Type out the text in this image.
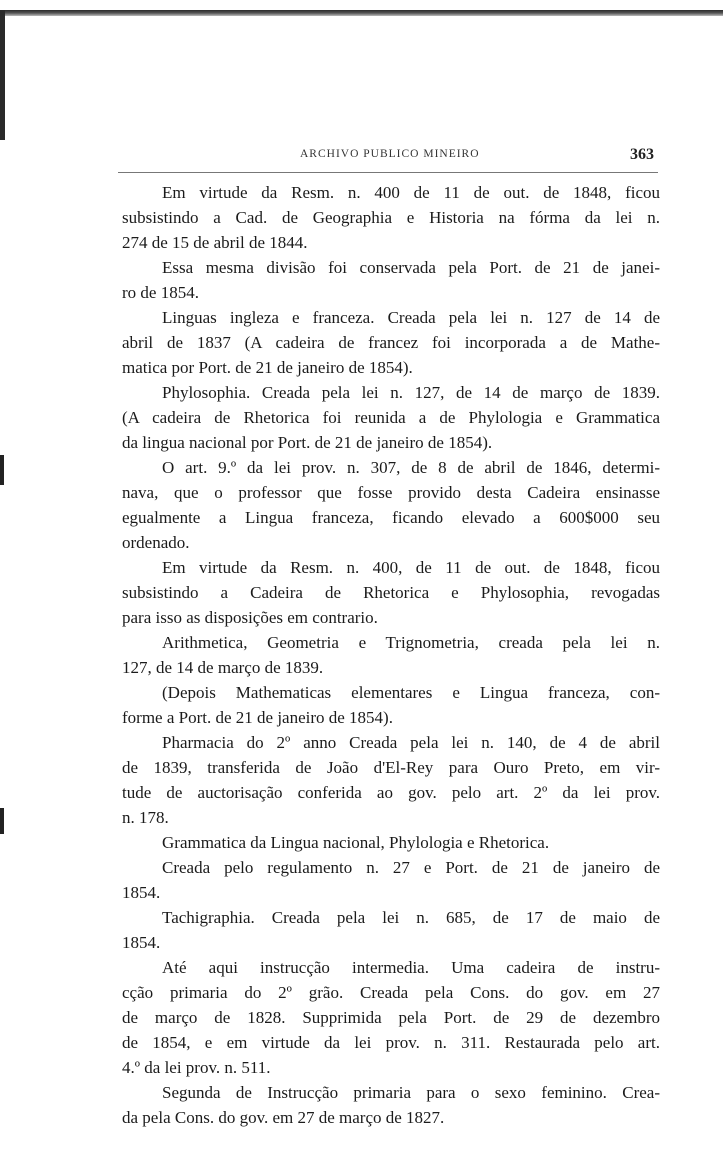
ARCHIVO PUBLICO MINEIRO	363
Em virtude da Resm. n. 400 de 11 de out. de 1848, ficou
subsistindo a Cad. de Geographia e Historia na fórma da lei n.
274 de 15 de abril de 1844.
Essa mesma divisão foi conservada pela Port. de 21 de janei-
ro de 1854.
Linguas ingleza e franceza. Creada pela lei n. 127 de 14 de
abril de 1837 (A cadeira de francez foi incorporada a de Mathe-
matica por Port. de 21 de janeiro de 1854).
Phylosophia. Creada pela lei n. 127, de 14 de março de 1839.
(A cadeira de Rhetorica foi reunida a de Phylologia e Grammatica
da lingua nacional por Port. de 21 de janeiro de 1854).
O art. 9.º da lei prov. n. 307, de 8 de abril de 1846, determi-
nava, que o professor que fosse provido desta Cadeira ensinasse
egualmente a Lingua franceza, ficando elevado a 600$000 seu
ordenado.
Em virtude da Resm. n. 400, de 11 de out. de 1848, ficou
subsistindo a Cadeira de Rhetorica e Phylosophia, revogadas
para isso as disposições em contrario.
Arithmetica, Geometria e Trignometria, creada pela lei n.
127, de 14 de março de 1839.
(Depois Mathematicas elementares e Lingua franceza, con-
forme a Port. de 21 de janeiro de 1854).
Pharmacia do 2º anno Creada pela lei n. 140, de 4 de abril
de 1839, transferida de João d'El-Rey para Ouro Preto, em vir-
tude de auctorisação conferida ao gov. pelo art. 2º da lei prov.
n. 178.
Grammatica da Lingua nacional, Phylologia e Rhetorica.
Creada pelo regulamento n. 27 e Port. de 21 de janeiro de
1854.
Tachigraphia. Creada pela lei n. 685, de 17 de maio de
1854.
Até aqui instrucção intermedia. Uma cadeira de instru-
cção primaria do 2º grão. Creada pela Cons. do gov. em 27
de março de 1828. Supprimida pela Port. de 29 de dezembro
de 1854, e em virtude da lei prov. n. 311. Restaurada pelo art.
4.º da lei prov. n. 511.
Segunda de Instrucção primaria para o sexo feminino. Crea-
da pela Cons. do gov. em 27 de março de 1827.
